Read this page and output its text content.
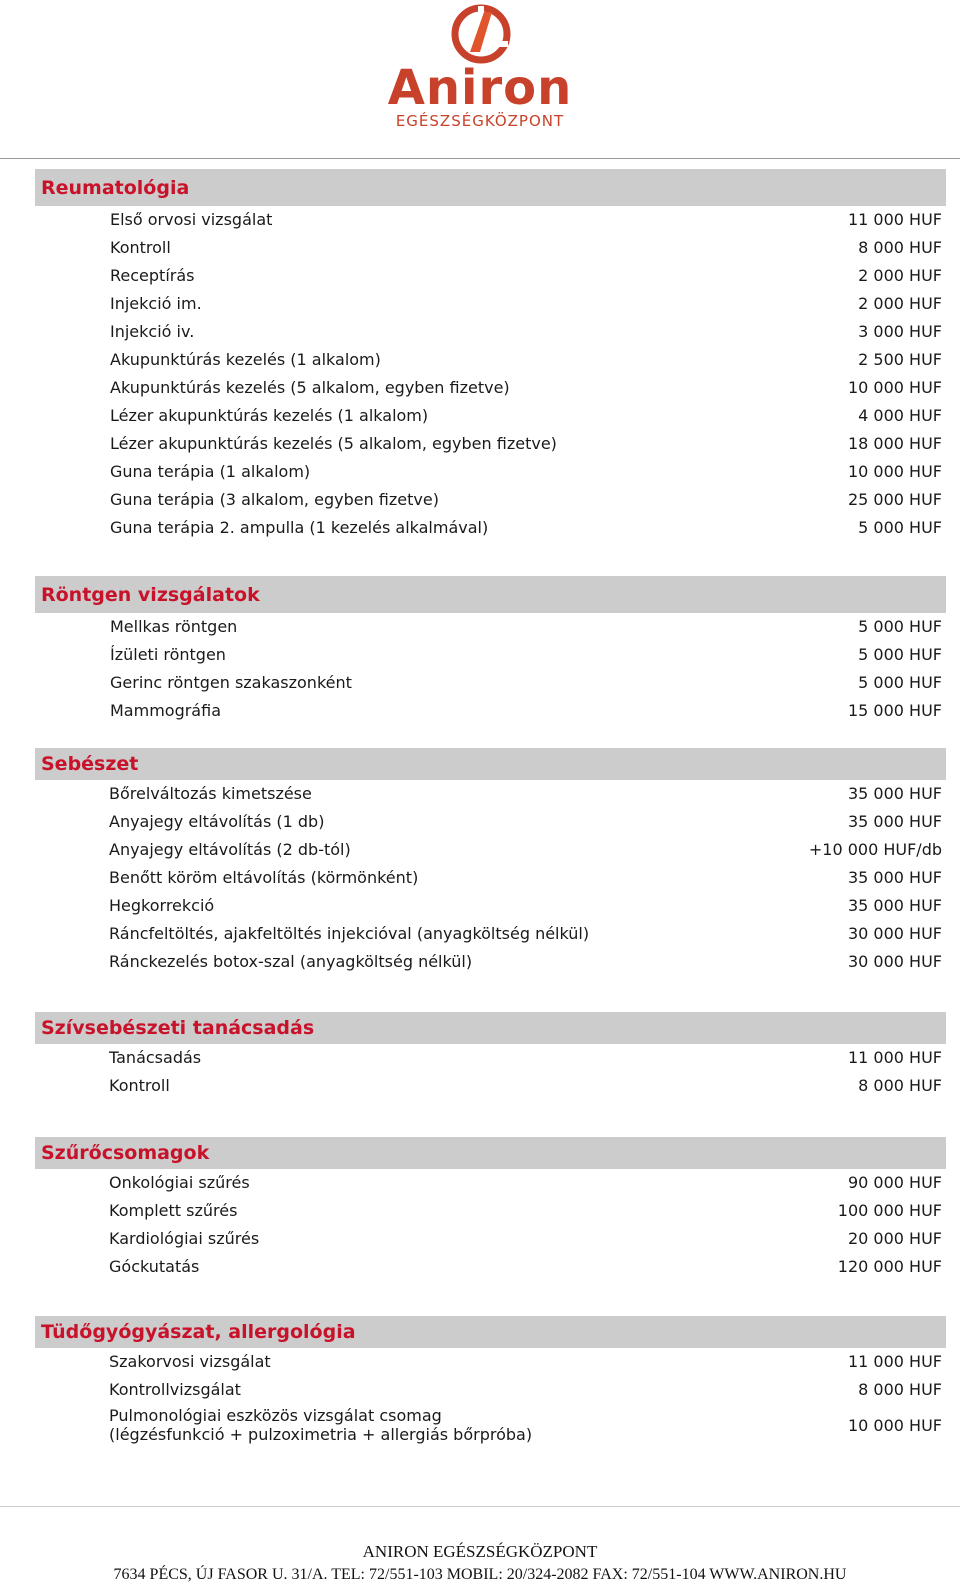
Aniron
EGÉSZSÉGKÖZPONT
Reumatológia
Első orvosi vizsgálat	11 000 HUF
Kontroll	8 000 HUF
Receptírás	2 000 HUF
Injekció im.	2 000 HUF
Injekció iv.	3 000 HUF
Akupunktúrás kezelés (1 alkalom)	2 500 HUF
Akupunktúrás kezelés (5 alkalom, egyben fizetve)	10 000 HUF
Lézer akupunktúrás kezelés (1 alkalom)	4 000 HUF
Lézer akupunktúrás kezelés (5 alkalom, egyben fizetve)	18 000 HUF
Guna terápia (1 alkalom)	10 000 HUF
Guna terápia (3 alkalom, egyben fizetve)	25 000 HUF
Guna terápia 2. ampulla (1 kezelés alkalmával)	5 000 HUF
Röntgen vizsgálatok
Mellkas röntgen	5 000 HUF
Ízületi röntgen	5 000 HUF
Gerinc röntgen szakaszonként	5 000 HUF
Mammográfia	15 000 HUF
Sebészet
Bőrelváltozás kimetszése	35 000 HUF
Anyajegy eltávolítás (1 db)	35 000 HUF
Anyajegy eltávolítás (2 db-tól)	+10 000 HUF/db
Benőtt köröm eltávolítás (körmönként)	35 000 HUF
Hegkorrekció	35 000 HUF
Ráncfeltöltés, ajakfeltöltés injekcióval (anyagköltség nélkül)	30 000 HUF
Ránckezelés botox-szal (anyagköltség nélkül)	30 000 HUF
Szívsebészeti tanácsadás
Tanácsadás	11 000 HUF
Kontroll	8 000 HUF
Szűrőcsomagok
Onkológiai szűrés	90 000 HUF
Komplett szűrés	100 000 HUF
Kardiológiai szűrés	20 000 HUF
Góckutatás	120 000 HUF
Tüdőgyógyászat, allergológia
Szakorvosi vizsgálat	11 000 HUF
Kontrollvizsgálat	8 000 HUF
Pulmonológiai eszközös vizsgálat csomag
(légzésfunkció + pulzoximetria + allergiás bőrpróba)	10 000 HUF
ANIRON EGÉSZSÉGKÖZPONT
7634 PÉCS, ÚJ FASOR U. 31/A. TEL: 72/551-103 MOBIL: 20/324-2082 FAX: 72/551-104 WWW.ANIRON.HU
